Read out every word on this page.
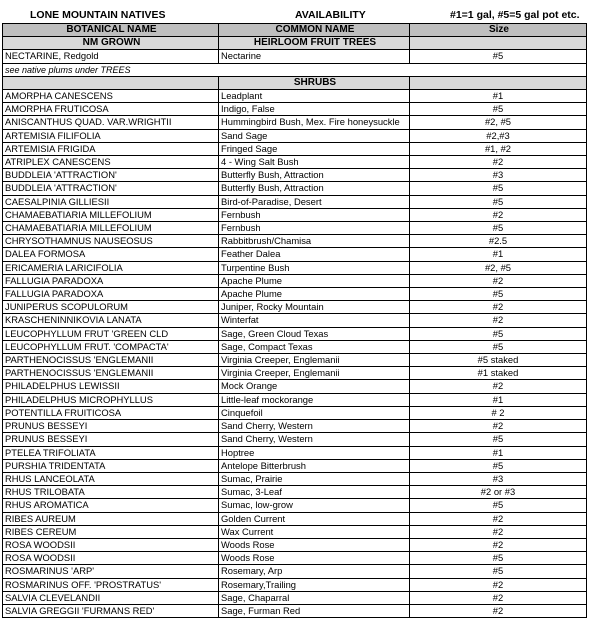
LONE MOUNTAIN NATIVES	AVAILABILITY	#1=1 gal, #5=5 gal pot etc.
BOTANICAL NAME	COMMON NAME	Size
NM GROWN	HEIRLOOM FRUIT TREES	
NECTARINE, Redgold	Nectarine	#5
see native plums under TREES		
	SHRUBS	
AMORPHA CANESCENS	Leadplant	#1
AMORPHA FRUTICOSA	Indigo, False	#5
ANISCANTHUS QUAD. VAR.WRIGHTII	Hummingbird Bush, Mex. Fire honeysuckle	#2, #5
ARTEMISIA FILIFOLIA	Sand Sage	#2,#3
ARTEMISIA FRIGIDA	Fringed Sage	#1, #2
ATRIPLEX CANESCENS	4 - Wing Salt Bush	#2
BUDDLEIA 'ATTRACTION'	Butterfly Bush, Attraction	#3
BUDDLEIA 'ATTRACTION'	Butterfly Bush, Attraction	#5
CAESALPINIA GILLIESII	Bird-of-Paradise, Desert	#5
CHAMAEBATIARIA MILLEFOLIUM	Fernbush	#2
CHAMAEBATIARIA MILLEFOLIUM	Fernbush	#5
CHRYSOTHAMNUS NAUSEOSUS	Rabbitbrush/Chamisa	#2.5
DALEA FORMOSA	Feather Dalea	#1
ERICAMERIA LARICIFOLIA	Turpentine Bush	#2, #5
FALLUGIA PARADOXA	Apache Plume	#2
FALLUGIA PARADOXA	Apache Plume	#5
JUNIPERUS SCOPULORUM	Juniper, Rocky Mountain	#2
KRASCHENINNIKOVIA LANATA	Winterfat	#2
LEUCOPHYLLUM FRUT 'GREEN CLD	Sage, Green Cloud Texas	#5
LEUCOPHYLLUM FRUT. 'COMPACTA'	Sage, Compact Texas	#5
PARTHENOCISSUS 'ENGLEMANII	Virginia Creeper, Englemanii	#5 staked
PARTHENOCISSUS 'ENGLEMANII	Virginia Creeper, Englemanii	#1 staked
PHILADELPHUS LEWISSII	Mock Orange	#2
PHILADELPHUS MICROPHYLLUS	Little-leaf mockorange	#1
POTENTILLA FRUITICOSA	Cinquefoil	# 2
PRUNUS BESSEYI	Sand Cherry, Western	#2
PRUNUS BESSEYI	Sand Cherry, Western	#5
PTELEA TRIFOLIATA	Hoptree	#1
PURSHIA TRIDENTATA	Antelope Bitterbrush	#5
RHUS LANCEOLATA	Sumac, Prairie	#3
RHUS TRILOBATA	Sumac, 3-Leaf	#2 or #3
RHUS AROMATICA	Sumac, low-grow	#5
RIBES AUREUM	Golden Current	#2
RIBES CEREUM	Wax Current	#2
ROSA WOODSII	Woods Rose	#2
ROSA WOODSII	Woods Rose	#5
ROSMARINUS 'ARP'	Rosemary, Arp	#5
ROSMARINUS OFF. 'PROSTRATUS'	Rosemary,Trailing	#2
SALVIA CLEVELANDII	Sage, Chaparral	#2
SALVIA GREGGII 'FURMANS RED'	Sage, Furman Red	#2
